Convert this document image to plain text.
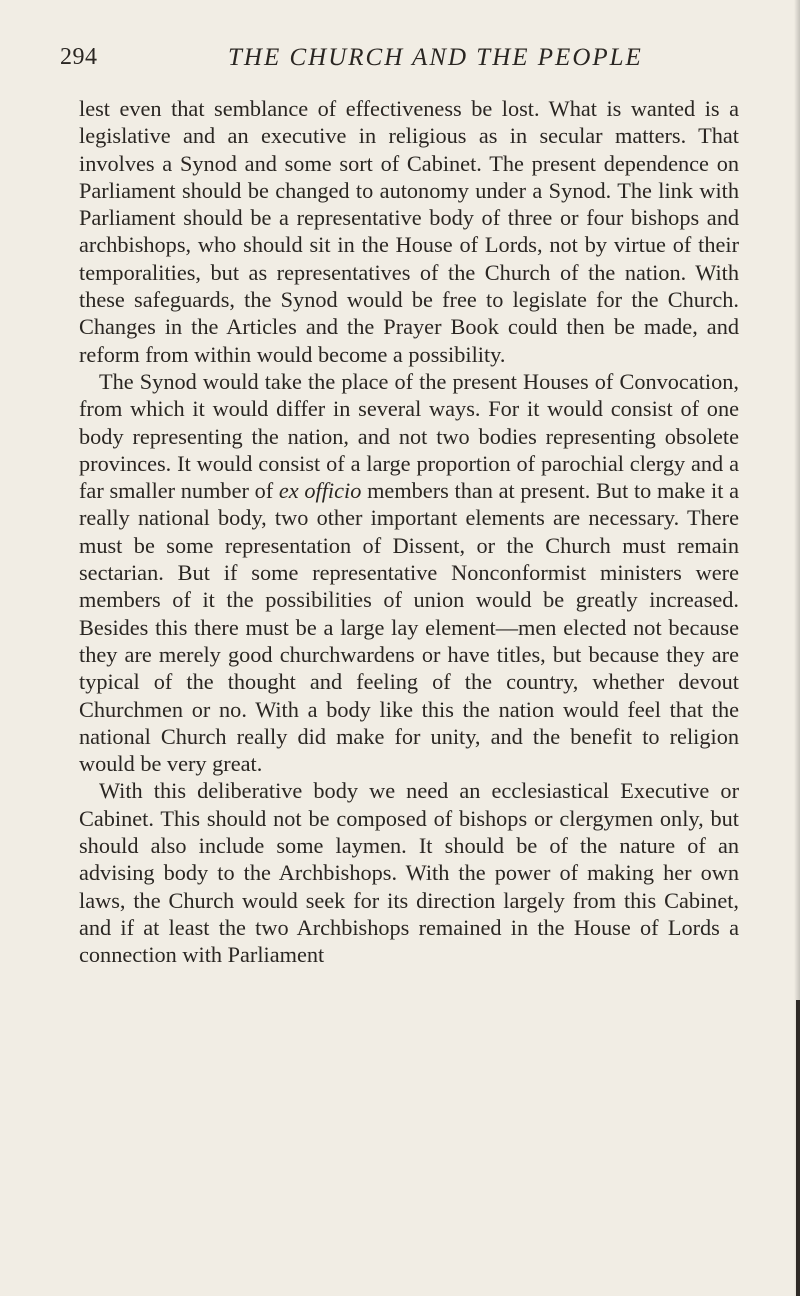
294	THE CHURCH AND THE PEOPLE

lest even that semblance of effectiveness be lost. What is wanted is a legislative and an executive in religious as in secular matters. That involves a Synod and some sort of Cabinet. The present dependence on Parliament should be changed to autonomy under a Synod. The link with Parliament should be a representative body of three or four bishops and archbishops, who should sit in the House of Lords, not by virtue of their temporalities, but as representatives of the Church of the nation. With these safeguards, the Synod would be free to legislate for the Church. Changes in the Articles and the Prayer Book could then be made, and reform from within would become a possibility.

The Synod would take the place of the present Houses of Convocation, from which it would differ in several ways. For it would consist of one body representing the nation, and not two bodies representing obsolete provinces. It would consist of a large proportion of parochial clergy and a far smaller number of ex officio members than at present. But to make it a really national body, two other important elements are necessary. There must be some representation of Dissent, or the Church must remain sectarian. But if some representative Nonconformist ministers were members of it the possibilities of union would be greatly increased. Besides this there must be a large lay element—men elected not because they are merely good churchwardens or have titles, but because they are typical of the thought and feeling of the country, whether devout Churchmen or no. With a body like this the nation would feel that the national Church really did make for unity, and the benefit to religion would be very great.

With this deliberative body we need an ecclesiastical Executive or Cabinet. This should not be composed of bishops or clergymen only, but should also include some laymen. It should be of the nature of an advising body to the Archbishops. With the power of making her own laws, the Church would seek for its direction largely from this Cabinet, and if at least the two Archbishops remained in the House of Lords a connection with Parliament
